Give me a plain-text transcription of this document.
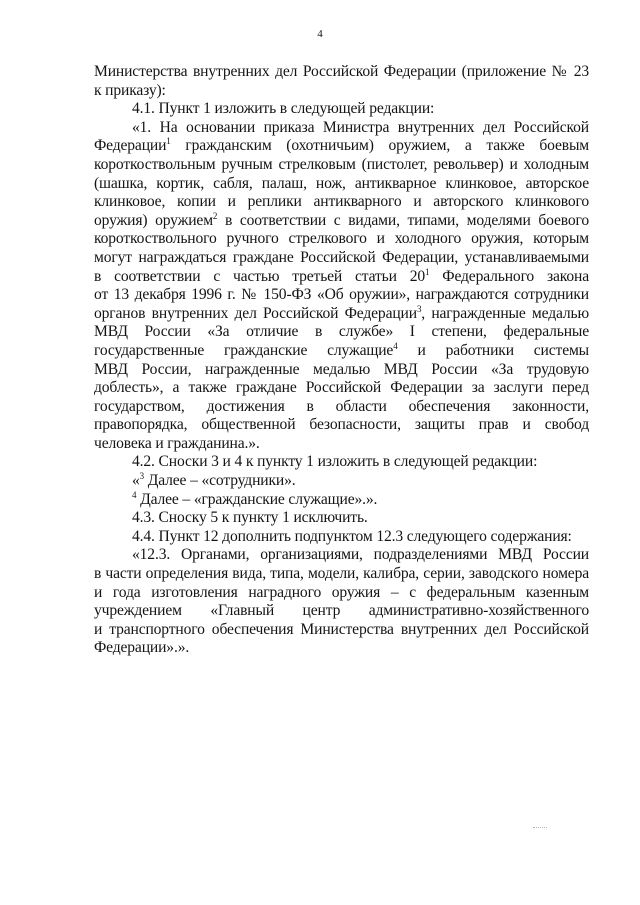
4
Министерства внутренних дел Российской Федерации (приложение № 23
к приказу):
4.1. Пункт 1 изложить в следующей редакции:
«1. На основании приказа Министра внутренних дел Российской
Федерации$^1$ гражданским (охотничьим) оружием, а также боевым
короткоствольным ручным стрелковым (пистолет, револьвер) и холодным
(шашка, кортик, сабля, палаш, нож, антикварное клинковое, авторское
клинковое, копии и реплики антикварного и авторского клинкового
оружия) оружием$^2$ в соответствии с видами, типами, моделями боевого
короткоствольного ручного стрелкового и холодного оружия, которым
могут награждаться граждане Российской Федерации, устанавливаемыми
в соответствии с частью третьей статьи $20^1$ Федерального закона
от 13 декабря 1996 г. № 150-ФЗ «Об оружии», награждаются сотрудники
органов внутренних дел Российской Федерации$^3$, награжденные медалью
МВД России «За отличие в службе» I степени, федеральные
государственные гражданские служащие$^4$ и работники системы
МВД России, награжденные медалью МВД России «За трудовую
доблесть», а также граждане Российской Федерации за заслуги перед
государством, достижения в области обеспечения законности,
правопорядка, общественной безопасности, защиты прав и свобод
человека и гражданина.».
4.2. Сноски 3 и 4 к пункту 1 изложить в следующей редакции:
«$^3$ Далее – «сотрудники».
$^4$ Далее – «гражданские служащие».».
4.3. Сноску 5 к пункту 1 исключить.
4.4. Пункт 12 дополнить подпунктом 12.3 следующего содержания:
«12.3. Органами, организациями, подразделениями МВД России
в части определения вида, типа, модели, калибра, серии, заводского номера
и года изготовления наградного оружия – с федеральным казенным
учреждением «Главный центр административно-хозяйственного
и транспортного обеспечения Министерства внутренних дел Российской
Федерации».».
